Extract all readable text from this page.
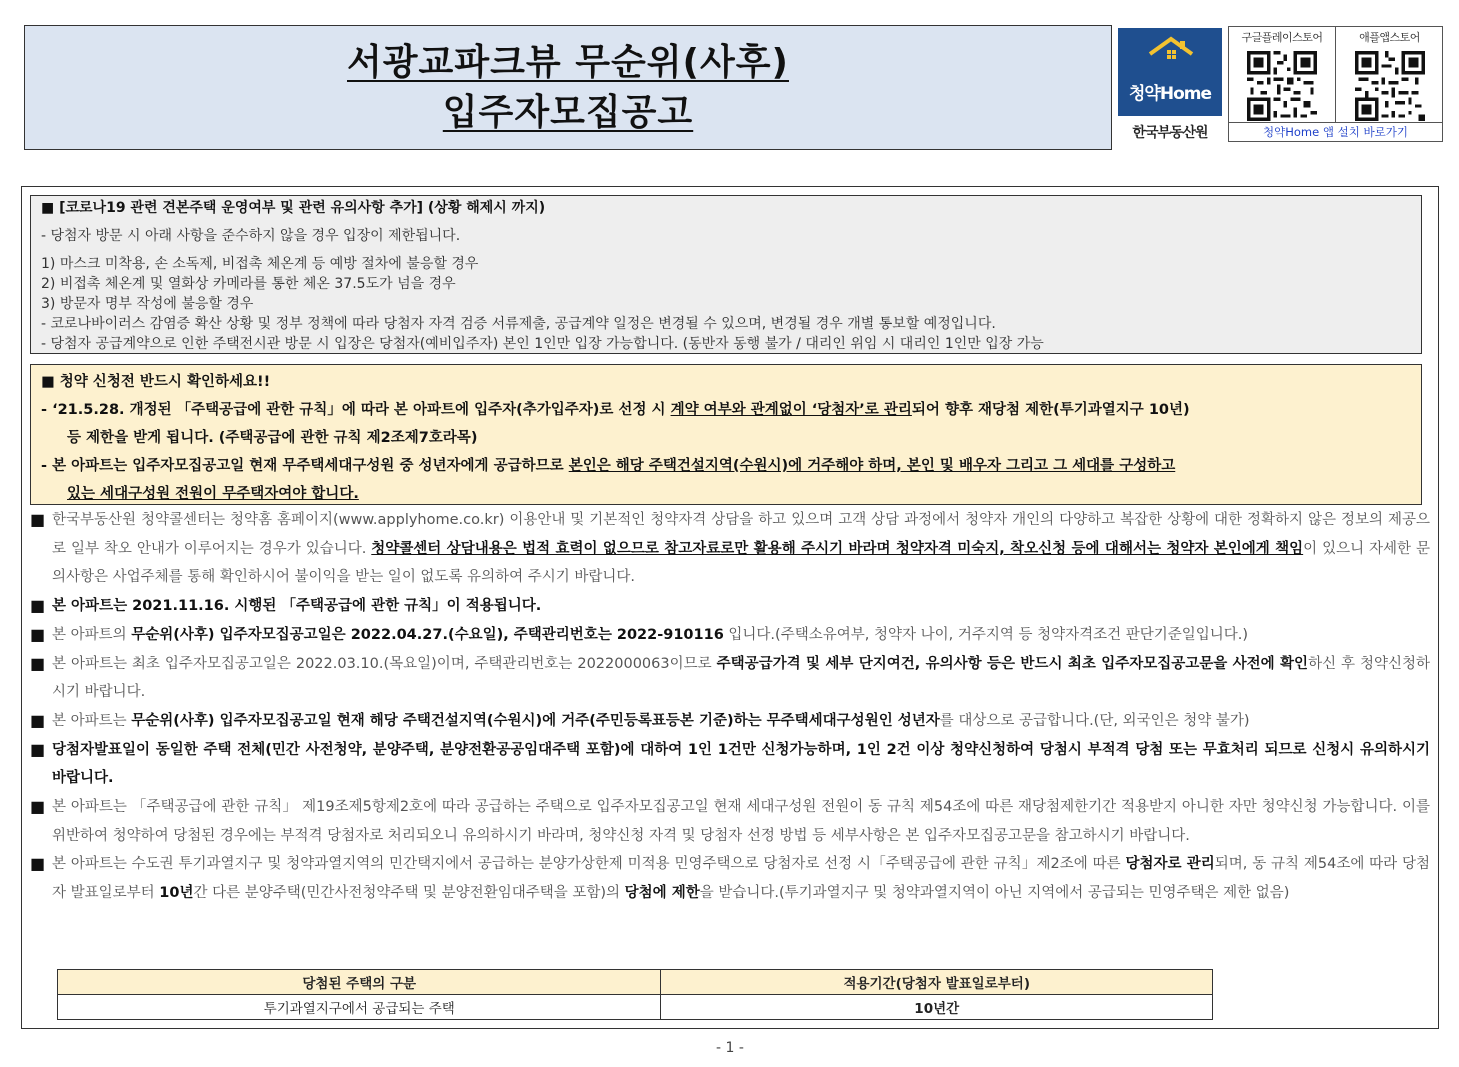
서광교파크뷰 무순위(사후)
입주자모집공고	청약Home
한국부동산원
구글플레이스토어	애플앱스토어
청약Home 앱 설치 바로가기
■ [코로나19 관련 견본주택 운영여부 및 관련 유의사항 추가] (상황 해제시 까지)
- 당첨자 방문 시 아래 사항을 준수하지 않을 경우 입장이 제한됩니다.
1) 마스크 미착용, 손 소독제, 비접촉 체온계 등 예방 절차에 불응할 경우
2) 비접촉 체온계 및 열화상 카메라를 통한 체온 37.5도가 넘을 경우
3) 방문자 명부 작성에 불응할 경우
- 코로나바이러스 감염증 확산 상황 및 정부 정책에 따라 당첨자 자격 검증 서류제출, 공급계약 일정은 변경될 수 있으며, 변경될 경우 개별 통보할 예정입니다.
- 당첨자 공급계약으로 인한 주택전시관 방문 시 입장은 당첨자(예비입주자) 본인 1인만 입장 가능합니다. (동반자 동행 불가 / 대리인 위임 시 대리인 1인만 입장 가능
■ 청약 신청전 반드시 확인하세요!!

- ‘21.5.28. 개정된 「주택공급에 관한 규칙」에 따라 본 아파트에 입주자(추가입주자)로 선정 시 계약 여부와 관계없이 ‘당첨자’로 관리되어 향후 재당첨 제한(투기과열지구 10년)

등 제한을 받게 됩니다. (주택공급에 관한 규칙 제2조제7호라목)

- 본 아파트는 입주자모집공고일 현재 무주택세대구성원 중 성년자에게 공급하므로 본인은 해당 주택건설지역(수원시)에 거주해야 하며, 본인 및 배우자 그리고 그 세대를 구성하고

있는 세대구성원 전원이 무주택자여야 합니다.

■ 한국부동산원 청약콜센터는 청약홈 홈페이지(www.applyhome.co.kr) 이용안내 및 기본적인 청약자격 상담을 하고 있으며 고객 상담 과정에서 청약자 개인의 다양하고 복잡한 상황에 대한 정확하지 않은 정보의 제공으로 일부 착오 안내가 이루어지는 경우가 있습니다. 청약콜센터 상담내용은 법적 효력이 없으므로 참고자료로만 활용해 주시기 바라며 청약자격 미숙지, 착오신청 등에 대해서는 청약자 본인에게 책임이 있으니 자세한 문의사항은 사업주체를 통해 확인하시어 불이익을 받는 일이 없도록 유의하여 주시기 바랍니다.
■ 본 아파트는 2021.11.16. 시행된 「주택공급에 관한 규칙」이 적용됩니다.
■ 본 아파트의 무순위(사후) 입주자모집공고일은 2022.04.27.(수요일), 주택관리번호는 2022-910116 입니다.(주택소유여부, 청약자 나이, 거주지역 등 청약자격조건 판단기준일입니다.)
■ 본 아파트는 최초 입주자모집공고일은 2022.03.10.(목요일)이며, 주택관리번호는 2022000063이므로 주택공급가격 및 세부 단지여건, 유의사항 등은 반드시 최초 입주자모집공고문을 사전에 확인하신 후 청약신청하시기 바랍니다.
■ 본 아파트는 무순위(사후) 입주자모집공고일 현재 해당 주택건설지역(수원시)에 거주(주민등록표등본 기준)하는 무주택세대구성원인 성년자를 대상으로 공급합니다.(단, 외국인은 청약 불가)
■ 당첨자발표일이 동일한 주택 전체(민간 사전청약, 분양주택, 분양전환공공임대주택 포함)에 대하여 1인 1건만 신청가능하며, 1인 2건 이상 청약신청하여 당첨시 부적격 당첨 또는 무효처리 되므로 신청시 유의하시기 바랍니다.
■ 본 아파트는 「주택공급에 관한 규칙」 제19조제5항제2호에 따라 공급하는 주택으로 입주자모집공고일 현재 세대구성원 전원이 동 규칙 제54조에 따른 재당첨제한기간 적용받지 아니한 자만 청약신청 가능합니다. 이를 위반하여 청약하여 당첨된 경우에는 부적격 당첨자로 처리되오니 유의하시기 바라며, 청약신청 자격 및 당첨자 선정 방법 등 세부사항은 본 입주자모집공고문을 참고하시기 바랍니다.
■ 본 아파트는 수도권 투기과열지구 및 청약과열지역의 민간택지에서 공급하는 분양가상한제 미적용 민영주택으로 당첨자로 선정 시「주택공급에 관한 규칙」제2조에 따른 당첨자로 관리되며, 동 규칙 제54조에 따라 당첨자 발표일로부터 10년간 다른 분양주택(민간사전청약주택 및 분양전환임대주택을 포함)의 당첨에 제한을 받습니다.(투기과열지구 및 청약과열지역이 아닌 지역에서 공급되는 민영주택은 제한 없음)
당첨된 주택의 구분	적용기간(당첨자 발표일로부터)
투기과열지구에서 공급되는 주택	10년간
- 1 -
